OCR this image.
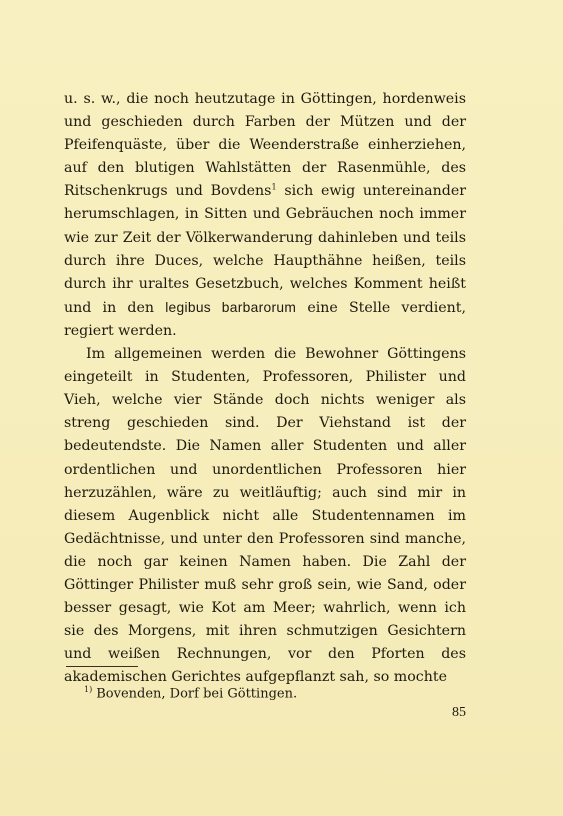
u. s. w., die noch heutzutage in Göttingen, hordenweis und geschieden durch Farben der Mützen und der Pfeifenquäste, über die Weenderstraße einherziehen, auf den blutigen Wahlstätten der Rasenmühle, des Ritschenkrugs und Bovdens$^1$ sich ewig untereinander herumschlagen, in Sitten und Gebräuchen noch immer wie zur Zeit der Völkerwanderung dahinleben und teils durch ihre Duces, welche Haupthähne heißen, teils durch ihr uraltes Gesetzbuch, welches Komment heißt und in den legibus barbarorum eine Stelle verdient, regiert werden.

Im allgemeinen werden die Bewohner Göttingens eingeteilt in Studenten, Professoren, Philister und Vieh, welche vier Stände doch nichts weniger als streng geschieden sind. Der Viehstand ist der bedeutendste. Die Namen aller Studenten und aller ordentlichen und unordentlichen Professoren hier herzuzählen, wäre zu weitläuftig; auch sind mir in diesem Augenblick nicht alle Studentennamen im Gedächtnisse, und unter den Professoren sind manche, die noch gar keinen Namen haben. Die Zahl der Göttinger Philister muß sehr groß sein, wie Sand, oder besser gesagt, wie Kot am Meer; wahrlich, wenn ich sie des Morgens, mit ihren schmutzigen Gesichtern und weißen Rechnungen, vor den Pforten des akademischen Gerichtes aufgepflanzt sah, so mochte

$^{1)}$ Bovenden, Dorf bei Göttingen.
85
